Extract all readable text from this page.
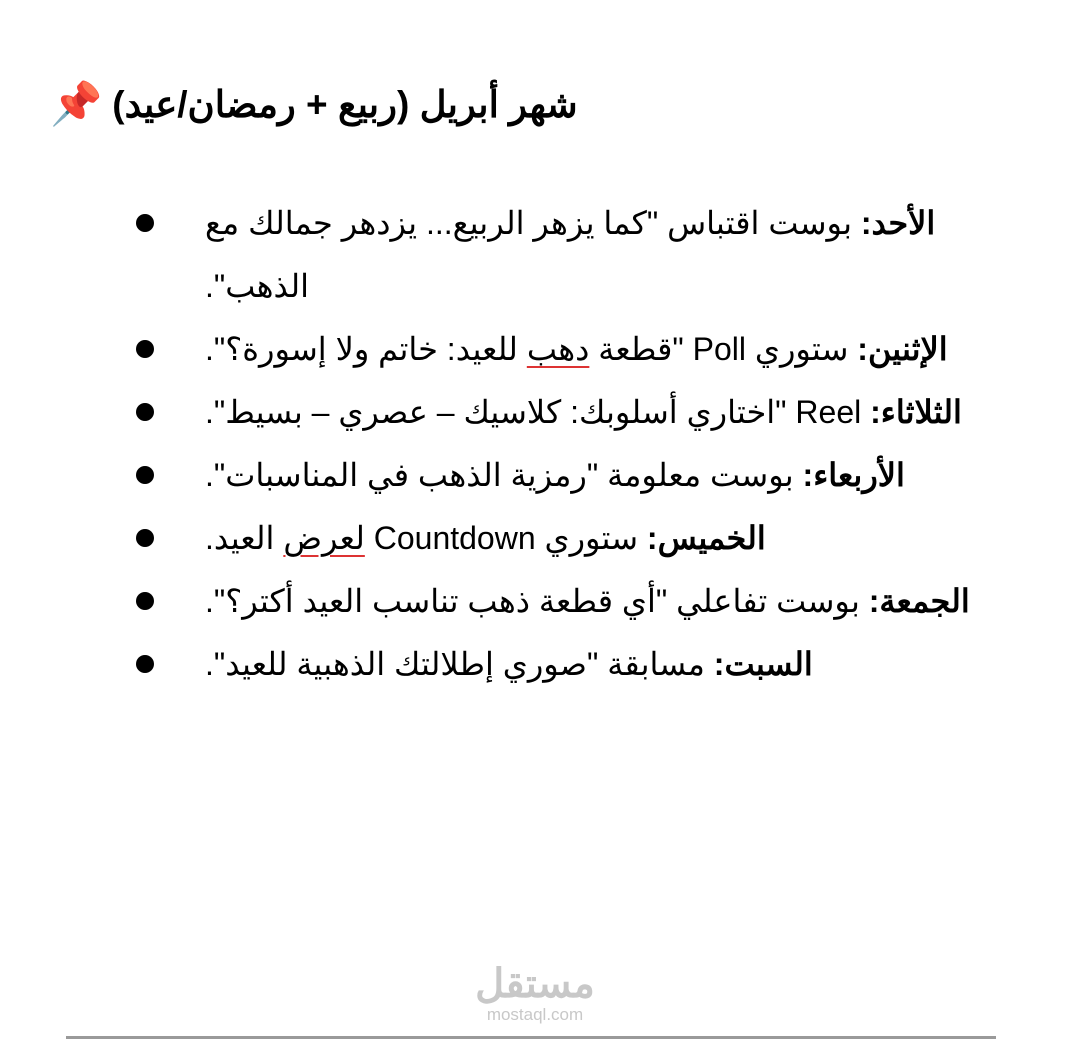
📌 شهر أبريل (ربيع + رمضان/عيد)
الأحد: بوست اقتباس "كما يزهر الربيع... يزدهر جمالك مع الذهب".
الإثنين: ستوري Poll "قطعة دهب للعيد: خاتم ولا إسورة؟".
الثلاثاء: Reel "اختاري أسلوبك: كلاسيك – عصري – بسيط".
الأربعاء: بوست معلومة "رمزية الذهب في المناسبات".
الخميس: ستوري Countdown لعرض العيد.
الجمعة: بوست تفاعلي "أي قطعة ذهب تناسب العيد أكتر؟".
السبت: مسابقة "صوري إطلالتك الذهبية للعيد".
مستقل
mostaql.com
